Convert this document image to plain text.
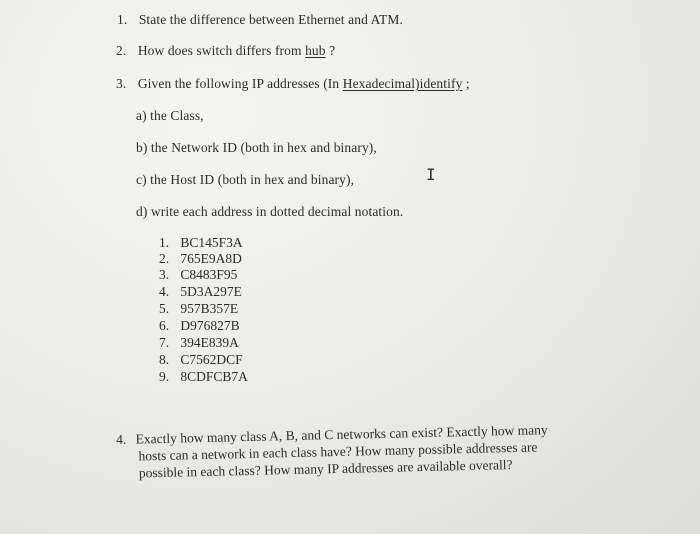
1. State the difference between Ethernet and ATM.
2. How does switch differs from hub ?
3. Given the following IP addresses (In Hexadecimal)identify ;
a) the Class,
b) the Network ID (both in hex and binary),
c) the Host ID (both in hex and binary),
d) write each address in dotted decimal notation.
I
1. BC145F3A
2. 765E9A8D
3. C8483F95
4. 5D3A297E
5. 957B357E
6. D976827B
7. 394E839A
8. C7562DCF
9. 8CDFCB7A
4. Exactly how many class A, B, and C networks can exist? Exactly how many
hosts can a network in each class have? How many possible addresses are
possible in each class? How many IP addresses are available overall?
